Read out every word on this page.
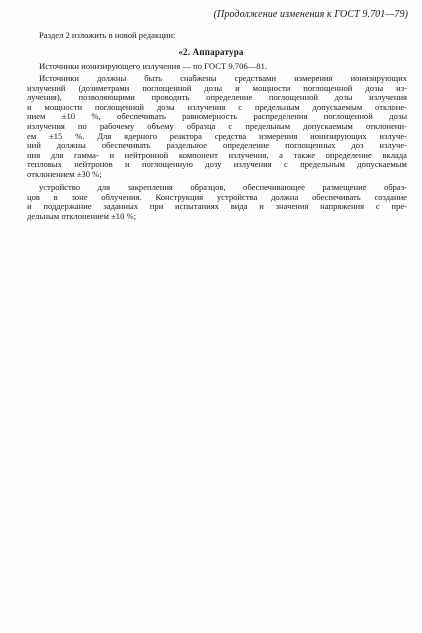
(Продолжение изменения к ГОСТ 9.701—79)
Раздел 2 изложить в новой редакции:
«2. Аппаратура
Источники ионизирующего излучения — по ГОСТ 9.706—81.
Источники должны быть снабжены средствами измерения ионизирующих
излучений (дозиметрами поглощенной дозы и мощности поглощенной дозы из-
лучения), позволяющими проводить определение поглощенной дозы излучения
и мощности поглощенной дозы излучения с предельным допускаемым отклоне-
нием ±10 %, обеспечивать равномерность распределения поглощенной дозы
излучения по рабочему объему образца с предельным допускаемым отклонени-
ем ±15 %. Для ядерного реактора средства измерения ионизирующих излуче-
ний должны обеспечивать раздельное определение поглощенных доз излуче-
ния для гамма- и нейтронной компонент излучения, а также определение вклада
тепловых нейтронов и поглощенную дозу излучения с предельным допускаемым
отклонением ±30 %;
устройство для закрепления образцов, обеспечивающее размещение образ-
цов в зоне облучения. Конструкция устройства должна обеспечивать создание
и поддержание заданных при испытаниях вида и значения напряжения с пре-
дельным отклонением ±10 %;
